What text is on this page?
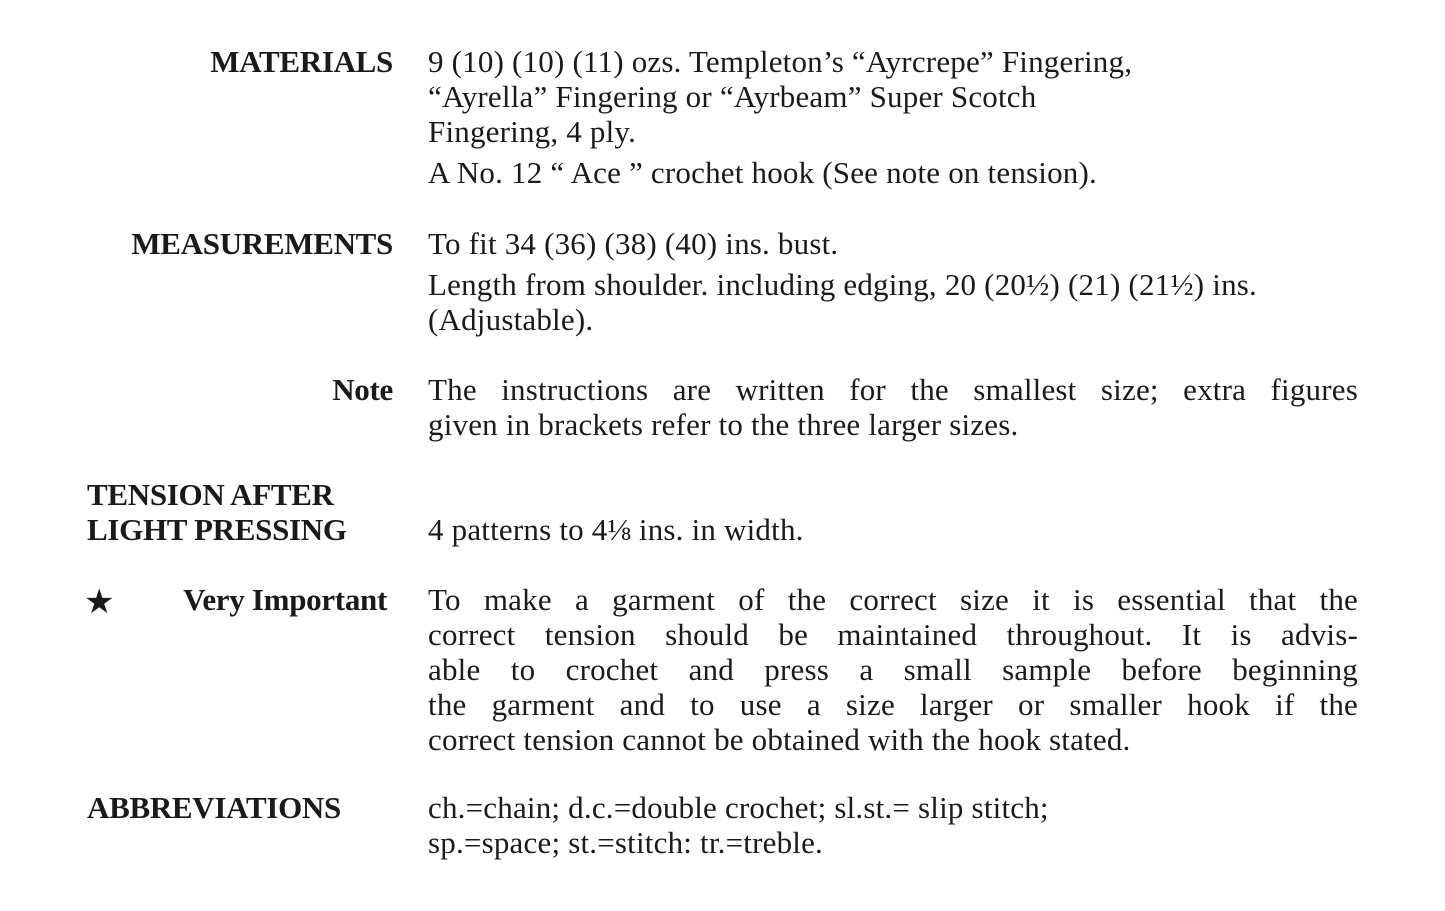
MATERIALS 9 (10) (10) (11) ozs. Templeton’s “Ayrcrepe” Fingering,
“Ayrella” Fingering or “Ayrbeam” Super Scotch
Fingering, 4 ply.
A No. 12 “ Ace ” crochet hook (See note on tension).
MEASUREMENTS To fit 34 (36) (38) (40) ins. bust.
Length from shoulder. including edging, 20 (20½) (21) (21½) ins.
(Adjustable).
Note The instructions are written for the smallest size; extra figures
given in brackets refer to the three larger sizes.
TENSION AFTER
LIGHT PRESSING	4 patterns to 4⅛ ins. in width.
★ Very Important To make a garment of the correct size it is essential that the
correct tension should be maintained throughout. It is advis-
able to crochet and press a small sample before beginning
the garment and to use a size larger or smaller hook if the
correct tension cannot be obtained with the hook stated.
ABBREVIATIONS	ch.=chain; d.c.=double crochet; sl.st.= slip stitch;
sp.=space; st.=stitch: tr.=treble.
